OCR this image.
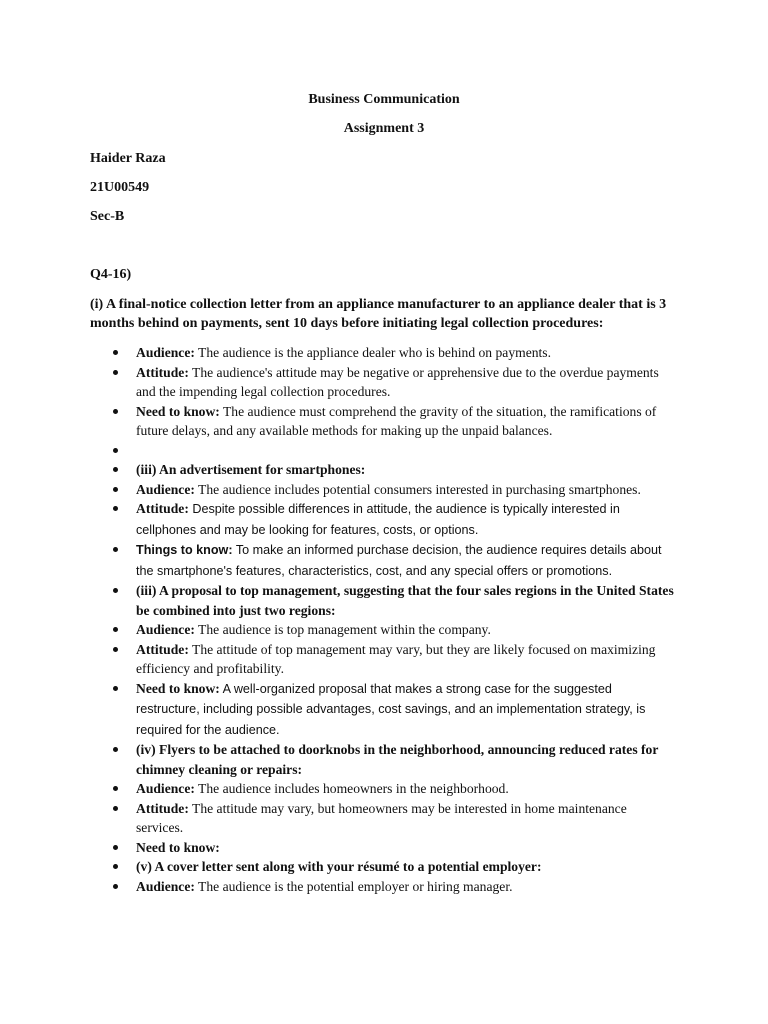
Business Communication
Assignment 3
Haider Raza
21U00549
Sec-B
Q4-16)
(i) A final-notice collection letter from an appliance manufacturer to an appliance dealer that is 3 months behind on payments, sent 10 days before initiating legal collection procedures:
Audience: The audience is the appliance dealer who is behind on payments.
Attitude: The audience's attitude may be negative or apprehensive due to the overdue payments and the impending legal collection procedures.
Need to know: The audience must comprehend the gravity of the situation, the ramifications of future delays, and any available methods for making up the unpaid balances.

(iii) An advertisement for smartphones:
Audience: The audience includes potential consumers interested in purchasing smartphones.
Attitude: Despite possible differences in attitude, the audience is typically interested in cellphones and may be looking for features, costs, or options.
Things to know: To make an informed purchase decision, the audience requires details about the smartphone's features, characteristics, cost, and any special offers or promotions.
(iii) A proposal to top management, suggesting that the four sales regions in the United States be combined into just two regions:
Audience: The audience is top management within the company.
Attitude: The attitude of top management may vary, but they are likely focused on maximizing efficiency and profitability.
Need to know: A well-organized proposal that makes a strong case for the suggested restructure, including possible advantages, cost savings, and an implementation strategy, is required for the audience.
(iv) Flyers to be attached to doorknobs in the neighborhood, announcing reduced rates for chimney cleaning or repairs:
Audience: The audience includes homeowners in the neighborhood.
Attitude: The attitude may vary, but homeowners may be interested in home maintenance services.
Need to know:
(v) A cover letter sent along with your résumé to a potential employer:
Audience: The audience is the potential employer or hiring manager.
